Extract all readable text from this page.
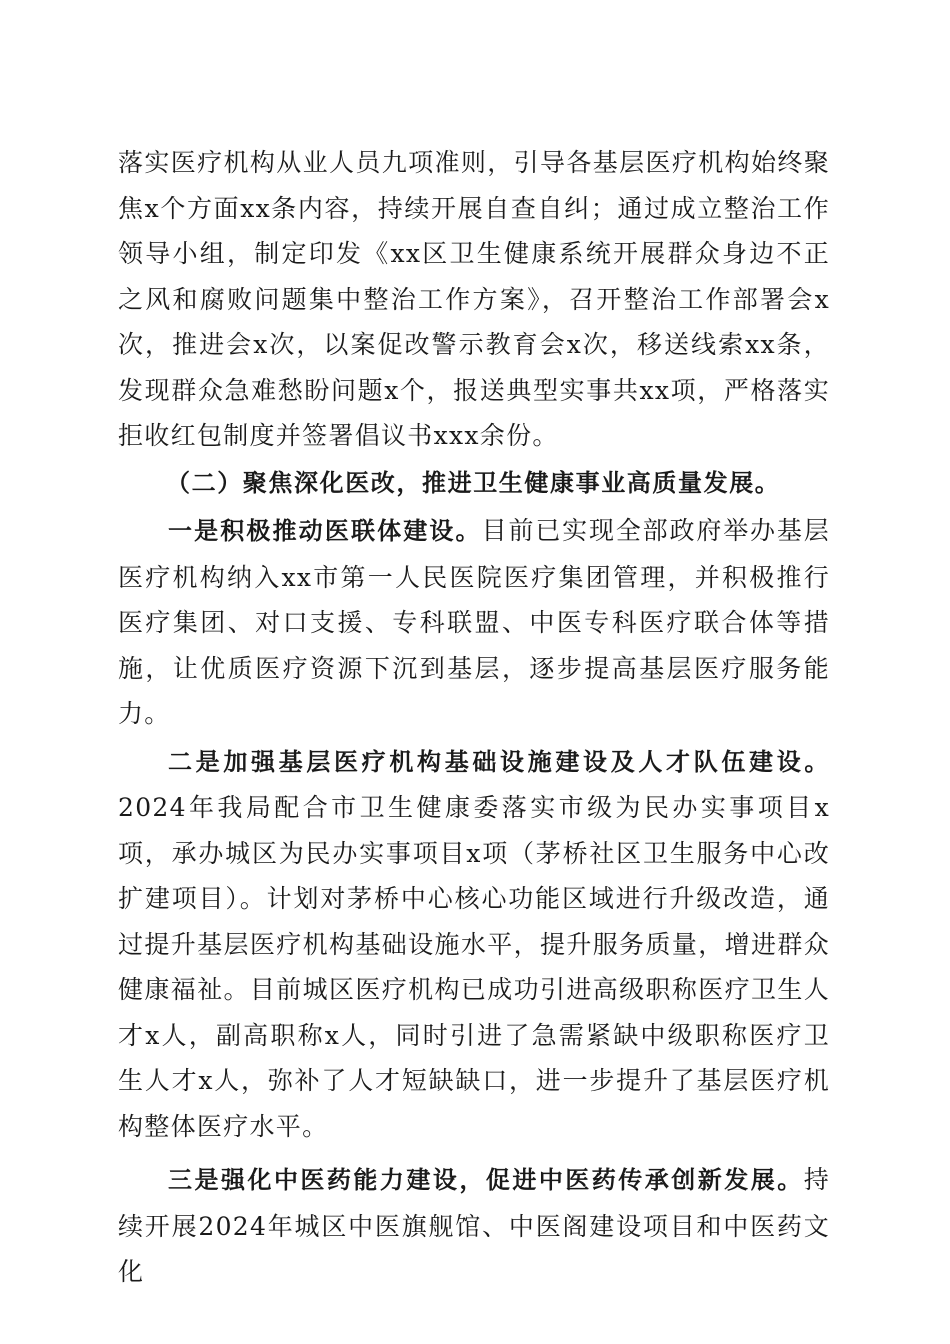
落实医疗机构从业人员九项准则，引导各基层医疗机构始终聚焦x个方面xx条内容，持续开展自查自纠；通过成立整治工作领导小组，制定印发《xx区卫生健康系统开展群众身边不正之风和腐败问题集中整治工作方案》，召开整治工作部署会x次，推进会x次，以案促改警示教育会x次，移送线索xx条，发现群众急难愁盼问题x个，报送典型实事共xx项，严格落实拒收红包制度并签署倡议书xxx余份。

（二）聚焦深化医改，推进卫生健康事业高质量发展。

一是积极推动医联体建设。目前已实现全部政府举办基层医疗机构纳入xx市第一人民医院医疗集团管理，并积极推行医疗集团、对口支援、专科联盟、中医专科医疗联合体等措施，让优质医疗资源下沉到基层，逐步提高基层医疗服务能力。

二是加强基层医疗机构基础设施建设及人才队伍建设。2024年我局配合市卫生健康委落实市级为民办实事项目x项，承办城区为民办实事项目x项（茅桥社区卫生服务中心改扩建项目）。计划对茅桥中心核心功能区域进行升级改造，通过提升基层医疗机构基础设施水平，提升服务质量，增进群众健康福祉。目前城区医疗机构已成功引进高级职称医疗卫生人才x人，副高职称x人，同时引进了急需紧缺中级职称医疗卫生人才x人，弥补了人才短缺缺口，进一步提升了基层医疗机构整体医疗水平。

三是强化中医药能力建设，促进中医药传承创新发展。持续开展2024年城区中医旗舰馆、中医阁建设项目和中医药文化
